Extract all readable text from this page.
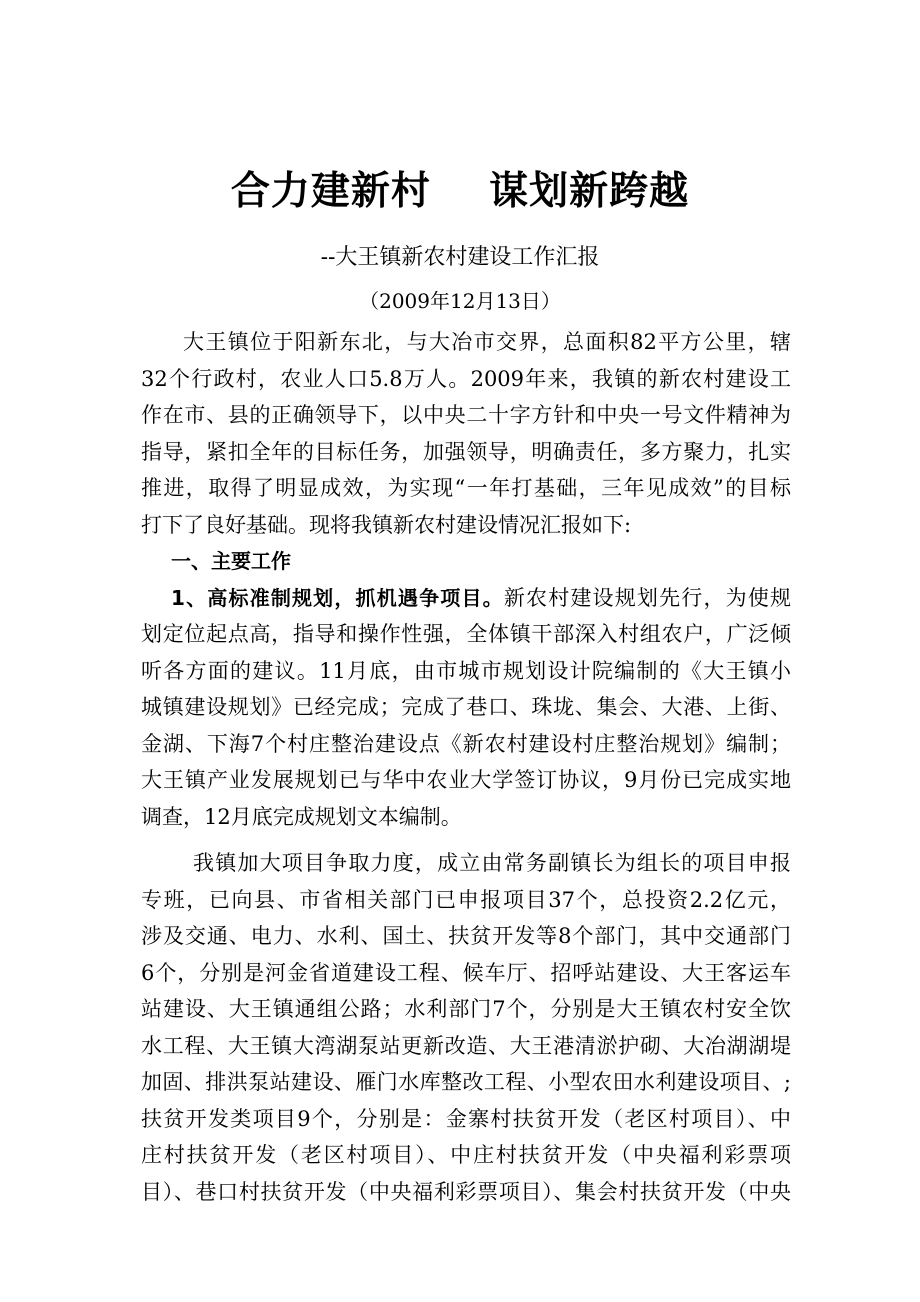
合力建新村    谋划新跨越
--大王镇新农村建设工作汇报
（2009年12月13日）

大王镇位于阳新东北，与大冶市交界，总面积82平方公里，辖

32个行政村，农业人口5.8万人。2009年来，我镇的新农村建设工

作在市、县的正确领导下，以中央二十字方针和中央一号文件精神为

指导，紧扣全年的目标任务，加强领导，明确责任，多方聚力，扎实

推进，取得了明显成效，为实现“一年打基础，三年见成效”的目标

打下了良好基础。现将我镇新农村建设情况汇报如下:

一、主要工作

1、高标准制规划，抓机遇争项目。新农村建设规划先行，为使规

划定位起点高，指导和操作性强，全体镇干部深入村组农户，广泛倾

听各方面的建议。11月底，由市城市规划设计院编制的《大王镇小

城镇建设规划》已经完成；完成了巷口、珠垅、集会、大港、上街、

金湖、下海7个村庄整治建设点《新农村建设村庄整治规划》编制；

大王镇产业发展规划已与华中农业大学签订协议，9月份已完成实地

调查，12月底完成规划文本编制。

我镇加大项目争取力度，成立由常务副镇长为组长的项目申报

专班，已向县、市省相关部门已申报项目37个，总投资2.2亿元，

涉及交通、电力、水利、国土、扶贫开发等8个部门，其中交通部门

6个，分别是河金省道建设工程、候车厅、招呼站建设、大王客运车

站建设、大王镇通组公路；水利部门7个，分别是大王镇农村安全饮

水工程、大王镇大湾湖泵站更新改造、大王港清淤护砌、大冶湖湖堤

加固、排洪泵站建设、雁门水库整改工程、小型农田水利建设项目、;

扶贫开发类项目9个，分别是：金寨村扶贫开发（老区村项目）、中

庄村扶贫开发（老区村项目）、中庄村扶贫开发（中央福利彩票项

目）、巷口村扶贫开发（中央福利彩票项目）、集会村扶贫开发（中央
